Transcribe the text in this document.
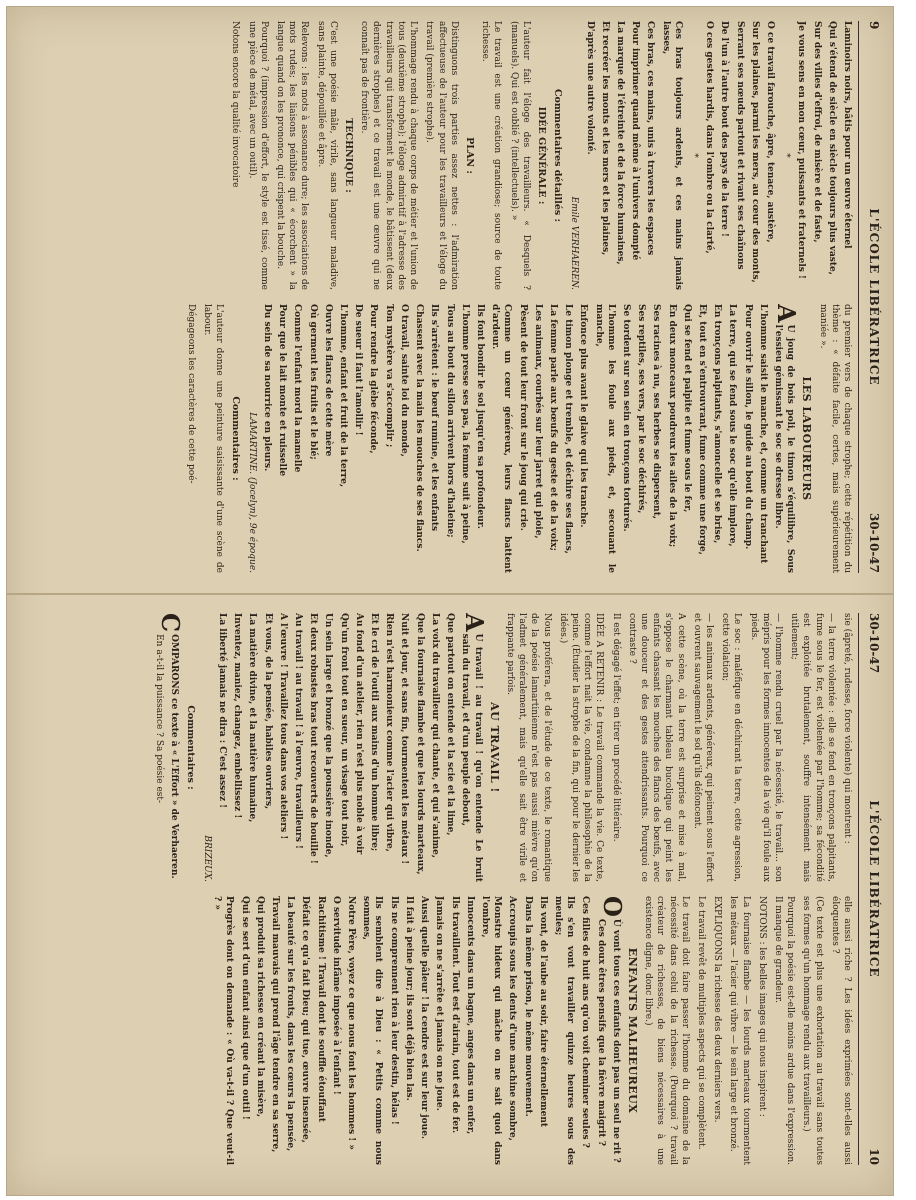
9
L'ÉCOLE LIBÉRATRICE
30-10-47

Laminoirs noirs, bâtis pour un œuvre éternel

Qui s'étend de siècle en siècle toujours plus vaste,

Sur des villes d'effroi, de misère et de faste,

Je vous sens en mon cœur, puissants et fraternels !

*

O ce travail farouche, âpre, tenace, austère,

Sur les plaines, parmi les mers, au cœur des monts,

Serrant ses nœuds partout et rivant ses chaînons

De l'un à l'autre bout des pays de la terre !

O ces gestes hardis, dans l'ombre ou la clarté,

*

Ces bras toujours ardents, et ces mains jamais lasses,

Ces bras, ces mains, unis à travers les espaces

Pour imprimer quand même à l'univers dompté

La marque de l'étreinte et de la force humaines,

Et recréer les monts et les mers et les plaines,

D'après une autre volonté.

Emile VERHAEREN.

Commentaires détaillés :
IDÉE GÉNÉRALE :

L'auteur fait l'éloge des travailleurs. « Desquels ? (manuels). Qui est oublié ? (intellectuels). »

Le travail est une création grandiose; source de toute richesse.

PLAN :

Distinguons trois parties assez nettes : l'admiration affectueuse de l'auteur pour les travailleurs et l'éloge du travail (première strophe).

L'hommage rendu à chaque corps de métier et l'union de tous (deuxième strophe); l'éloge admiratif à l'adresse des travailleurs qui transforment le monde, le bâtissent (deux dernières strophes) et ce travail est une œuvre qui ne connaît pas de frontière.

TECHNIQUE :

C'est une poésie mâle, virile, sans langueur maladive, sans plainte, dépouillée et âpre.

Relevons : les mots à assonance dure; les associations de mots rudes; les liaisons pénibles qui « écorchent » la langue quand on les prononce, qui crispent la bouche.

Pourquoi ? (impression d'effort, le style est tissé, comme une pièce de métal, avec un outil).

Notons encore la qualité invocatoire

du premier vers de chaque strophe; cette répétition du thème : « défaite facile, certes, mais supérieurement maniée ».

LES LABOUREURS

A
U joug de bois poli, le timon s'équilibre, Sous l'essieu gémissant le soc se dresse libre.

L'homme saisit le manche, et, comme un tranchant

Pour ouvrir le sillon, le guide au bout du champ.

La terre, qui se fend sous le soc qu'elle implore,

En tronçons palpitants, s'amoncelle et se brise,

Et, tout en s'entrouvrant, fume comme une forge,

Qui se fend et palpite et fume sous le fer,

En deux monceaux poudreux les ailes de la voix;

Ses racines à nu, ses herbes se dispersent,

Ses reptiles, ses vers, par le soc déchirés,

Se tordent sur son sein en tronçons torturés.

L'homme les foule aux pieds, et, secouant le manche,

Enfonce plus avant le glaive qui les tranche.

Le timon plonge et tremble, et déchire ses flancs,

La femme parle aux bœufs du geste et de la voix;

Les animaux, courbés sur leur jarret qui ploie,

Pèsent de tout leur front sur le joug qui crie.

Comme un cœur généreux, leurs flancs battent d'ardeur.

Ils font bondir le sol jusqu'en sa profondeur.

L'homme presse ses pas, la femme suit à peine,

Tous au bout du sillon arrivent hors d'haleine;

Ils s'arrêtent : le bœuf rumine, et les enfants

Chassent avec la main les mouches de ses flancs.

O travail, sainte loi du monde,

Ton mystère va s'accomplir ;

Pour rendre la glèbe féconde,

De sueur il faut l'amollir !

L'homme, enfant et fruit de la terre,

Ouvre les flancs de cette mère

Où germent les fruits et le blé;

Comme l'enfant mord la mamelle

Pour que le lait monte et ruisselle

Du sein de sa nourrice en pleurs.

LAMARTINE. (Jocelyn), 9e époque.

Commentaires :

L'auteur donne une peinture saisissante d'une scène de labour.

Dégageons les caractères de cette poé-

30-10-47
L'ÉCOLE LIBÉRATRICE
10

sie (âpreté, rudesse, force violente) qui montrent :

— la terre violentée : elle se fend en tronçons palpitants, fume sous le fer, est violentée par l'homme; sa fécondité est exploitée brutalement, souffre intensément mais utilement;

— l'homme rendu cruel par la nécessité, le travail... son mépris pour les formes innocentes de la vie qu'il foule aux pieds.

Le soc : maléfique en déchirant la terre, cette agression, cette violation;

— les animaux ardents, généreux, qui peinent sous l'effort et ouvrent sauvagement le sol qu'ils défoncent.

A cette scène, où la terre est surprise et mise à mal, s'oppose le charmant tableau bucolique qui peint les enfants chassant les mouches des flancs des bœufs, avec une douceur et des gestes attendrissants. Pourquoi ce contraste ?

Il est dégagé l'effet; en tirer un procédé littéraire.

IDÉE A RETENIR : Le travail commande la vie. Ce texte, comme l'effort nait la vie, condamne la philosophie de la peine. (Étudier la strophe de la fin, qui pour le dernier les idées.)

Nous proférera, et de l'étude de ce texte, le romantique de la poésie lamartinienne n'est pas aussi mièvre qu'on l'admet généralement, mais qu'elle sait être virile et frappante parfois.

AU TRAVAIL !

A
U travail ! au travail ! qu'on entende Le bruit sain du travail, et d'un peuple debout,

Que partout on entende et la scie et la lime,

La voix du travailleur qui chante, et qui s'anime,

Que la fournaise flambe et que les lourds marteaux,

Nuit et jour, et sans fin, tourmentent les métaux !

Rien n'est harmonieux comme l'acier qui vibre,

Et le cri de l'outil aux mains d'un homme libre;

Au fond d'un atelier, rien n'est plus noble à voir

Qu'un front tout en sueur, un visage tout noir,

Un sein large et bronzé que la poussière inonde,

Et deux robustes bras tout recouverts de houille !

Au travail ! au travail ! à l'œuvre, travailleurs !

A l'œuvre ! Travaillez tous dans vos ateliers !

Et vous, de la pensée, habiles ouvriers,

La matière divine, et la matière humaine,

Inventez, maniez, changez, embellissez !

La liberté jamais ne dira : C'est assez !

BRIZEUX.

Commentaires :

C
OMPARONS ce texte à « L'Effort » de Verhaeren.

En a-t-il la puissance ? Sa poésie est-

elle aussi riche ? Les idées exprimées sont-elles aussi éloquentes ?

(Ce texte est plus une exhortation au travail sans toutes ses formes qu'un hommage rendu aux travailleurs.)

Pourquoi la poésie est-elle moins ardue dans l'expression. Il manque de grandeur.

NOTONS : les belles images qui nous inspirent :

La fournaise flambe — les lourds marteaux tourmentent les métaux — l'acier qui vibre — le sein large et bronzé.

EXPLIQUONS la richesse des deux derniers vers.

Le travail revêt de multiples aspects qui se complètent.

Le travail doit faire passer l'homme du domaine de la nécessité dans celui de la richesse. (Pourquoi ? travail créateur de richesses, de biens nécessaires à une existence digne, donc libre.)

ENFANTS MALHEUREUX

O
Ù vont tous ces enfants dont pas un seul ne rit ?

Ces doux êtres pensifs que la fièvre maigrit ?

Ces filles de huit ans qu'on voit cheminer seules ?

Ils s'en vont travailler quinze heures sous des meules;

Ils vont, de l'aube au soir, faire éternellement

Dans la même prison, le même mouvement.

Accroupis sous les dents d'une machine sombre,

Monstre hideux qui mâche on ne sait quoi dans l'ombre,

Innocents dans un bagne, anges dans un enfer,

Ils travaillent. Tout est d'airain, tout est de fer.

Jamais on ne s'arrête et jamais on ne joue.

Aussi quelle pâleur ! la cendre est sur leur joue.

Il fait à peine jour; ils sont déjà bien las.

Ils ne comprennent rien à leur destin, hélas !

Ils semblent dire à Dieu : « Petits comme nous sommes,

Notre Père, voyez ce que nous font les hommes ! »

O servitude infâme imposée à l'enfant !

Rachitisme ! Travail dont le souffle étouffant

Défait ce qu'a fait Dieu; qui tue, œuvre insensée,

La beauté sur les fronts, dans les cœurs la pensée,

Travail mauvais qui prend l'âge tendre en sa serre,

Qui produit sa richesse en créant la misère,

Qui se sert d'un enfant ainsi que d'un outil !

Progrès dont on demande : « Où va-t-il ? Que veut-il ? »
